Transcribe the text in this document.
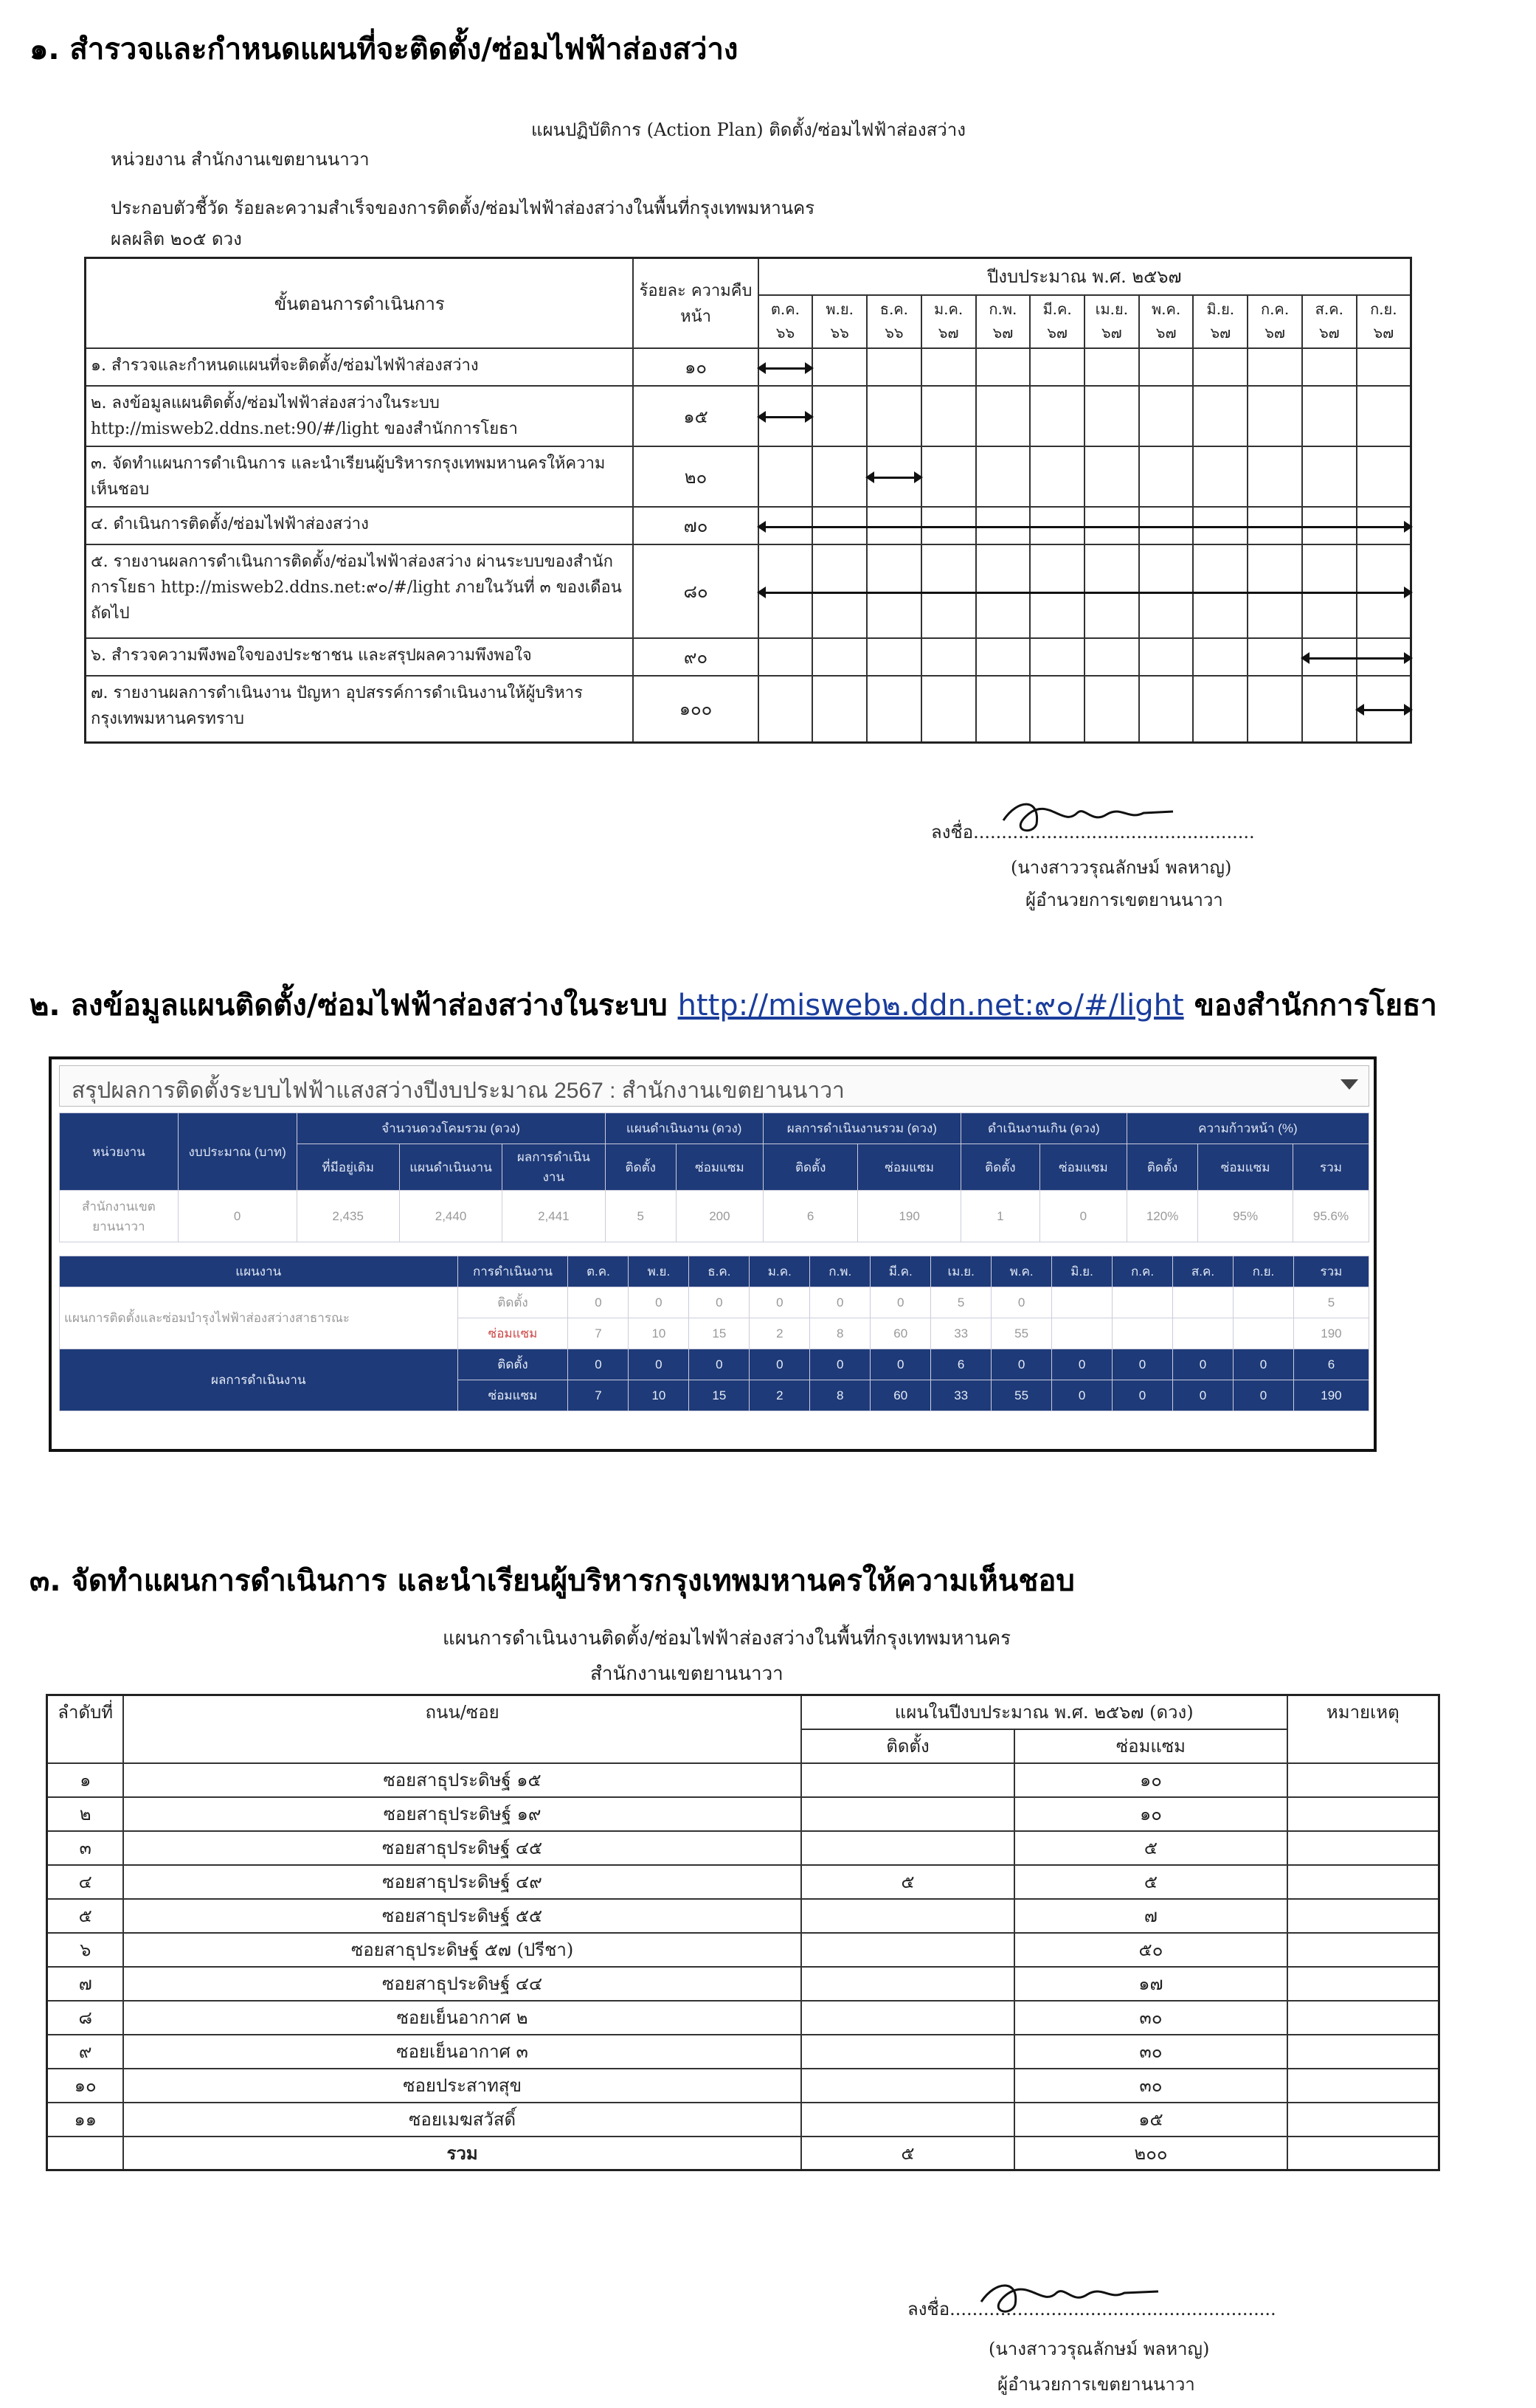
๑. สำรวจและกำหนดแผนที่จะติดตั้ง/ซ่อมไฟฟ้าส่องสว่าง
แผนปฏิบัติการ (Action Plan) ติดตั้ง/ซ่อมไฟฟ้าส่องสว่าง
หน่วยงาน สำนักงานเขตยานนาวา
ประกอบตัวชี้วัด ร้อยละความสำเร็จของการติดตั้ง/ซ่อมไฟฟ้าส่องสว่างในพื้นที่กรุงเทพมหานคร
ผลผลิต ๒๐๕ ดวง
ขั้นตอนการดำเนินการ	ร้อยละ ความคืบหน้า	ปีงบประมาณ พ.ศ. ๒๕๖๗											
		ต.ค. ๖๖	พ.ย. ๖๖	ธ.ค. ๖๖	ม.ค. ๖๗	ก.พ. ๖๗	มี.ค. ๖๗	เม.ย. ๖๗	พ.ค. ๖๗	มิ.ย. ๖๗	ก.ค. ๖๗	ส.ค. ๖๗	ก.ย. ๖๗
๑. สำรวจและกำหนดแผนที่จะติดตั้ง/ซ่อมไฟฟ้าส่องสว่าง	๑๐												
๒. ลงข้อมูลแผนติดตั้ง/ซ่อมไฟฟ้าส่องสว่างในระบบ http://misweb2.ddns.net:90/#/light ของสำนักการโยธา	๑๕												
๓. จัดทำแผนการดำเนินการ และนำเรียนผู้บริหารกรุงเทพมหานครให้ความเห็นชอบ	๒๐												
๔. ดำเนินการติดตั้ง/ซ่อมไฟฟ้าส่องสว่าง	๗๐												
๕. รายงานผลการดำเนินการติดตั้ง/ซ่อมไฟฟ้าส่องสว่าง ผ่านระบบของสำนักการโยธา http://misweb2.ddns.net:๙๐/#/light ภายในวันที่ ๓ ของเดือนถัดไป	๘๐												
๖. สำรวจความพึงพอใจของประชาชน และสรุปผลความพึงพอใจ	๙๐												
๗. รายงานผลการดำเนินงาน ปัญหา อุปสรรค์การดำเนินงานให้ผู้บริหารกรุงเทพมหานครทราบ	๑๐๐												
ลงชื่อ..................................................
(นางสาววรุณลักษม์ พลหาญ)
ผู้อำนวยการเขตยานนาวา
๒. ลงข้อมูลแผนติดตั้ง/ซ่อมไฟฟ้าส่องสว่างในระบบ http://misweb๒.ddn.net:๙๐/#/light ของสำนักการโยธา
สรุปผลการติดตั้งระบบไฟฟ้าแสงสว่างปีงบประมาณ 2567 : สำนักงานเขตยานนาวา
หน่วยงาน	งบประมาณ (บาท)	จำนวนดวงโคมรวม (ดวง)			แผนดำเนินงาน (ดวง)		ผลการดำเนินงานรวม (ดวง)		ดำเนินงานเกิน (ดวง)		ความก้าวหน้า (%)		
		ที่มีอยู่เดิม	แผนดำเนินงาน	ผลการดำเนินงาน	ติดตั้ง	ซ่อมแซม	ติดตั้ง	ซ่อมแซม	ติดตั้ง	ซ่อมแซม	ติดตั้ง	ซ่อมแซม	รวม
สำนักงานเขตยานนาวา	0	2,435	2,440	2,441	5	200	6	190	1	0	120%	95%	95.6%
แผนงาน	การดำเนินงาน	ต.ค.	พ.ย.	ธ.ค.	ม.ค.	ก.พ.	มี.ค.	เม.ย.	พ.ค.	มิ.ย.	ก.ค.	ส.ค.	ก.ย.	รวม
แผนการติดตั้งและซ่อมบำรุงไฟฟ้าส่องสว่างสาธารณะ	ติดตั้ง	0	0	0	0	0	0	5	0					5
	ซ่อมแซม	7	10	15	2	8	60	33	55					190
ผลการดำเนินงาน	ติดตั้ง	0	0	0	0	0	0	6	0	0	0	0	0	6
	ซ่อมแซม	7	10	15	2	8	60	33	55	0	0	0	0	190
๓. จัดทำแผนการดำเนินการ และนำเรียนผู้บริหารกรุงเทพมหานครให้ความเห็นชอบ
แผนการดำเนินงานติดตั้ง/ซ่อมไฟฟ้าส่องสว่างในพื้นที่กรุงเทพมหานคร
สำนักงานเขตยานนาวา
ลำดับที่	ถนน/ซอย	แผนในปีงบประมาณ พ.ศ. ๒๕๖๗ (ดวง)		หมายเหตุ
		ติดตั้ง	ซ่อมแซม	
๑	ซอยสาธุประดิษฐ์ ๑๕		๑๐	
๒	ซอยสาธุประดิษฐ์ ๑๙		๑๐	
๓	ซอยสาธุประดิษฐ์ ๔๕		๕	
๔	ซอยสาธุประดิษฐ์ ๔๙	๕	๕	
๕	ซอยสาธุประดิษฐ์ ๕๕		๗	
๖	ซอยสาธุประดิษฐ์ ๕๗ (ปรีชา)		๕๐	
๗	ซอยสาธุประดิษฐ์ ๔๔		๑๗	
๘	ซอยเย็นอากาศ ๒		๓๐	
๙	ซอยเย็นอากาศ ๓		๓๐	
๑๐	ซอยประสาทสุข		๓๐	
๑๑	ซอยเมฆสวัสดิ์		๑๕	
	รวม	๕	๒๐๐	
ลงชื่อ..........................................................
(นางสาววรุณลักษม์ พลหาญ)
ผู้อำนวยการเขตยานนาวา
